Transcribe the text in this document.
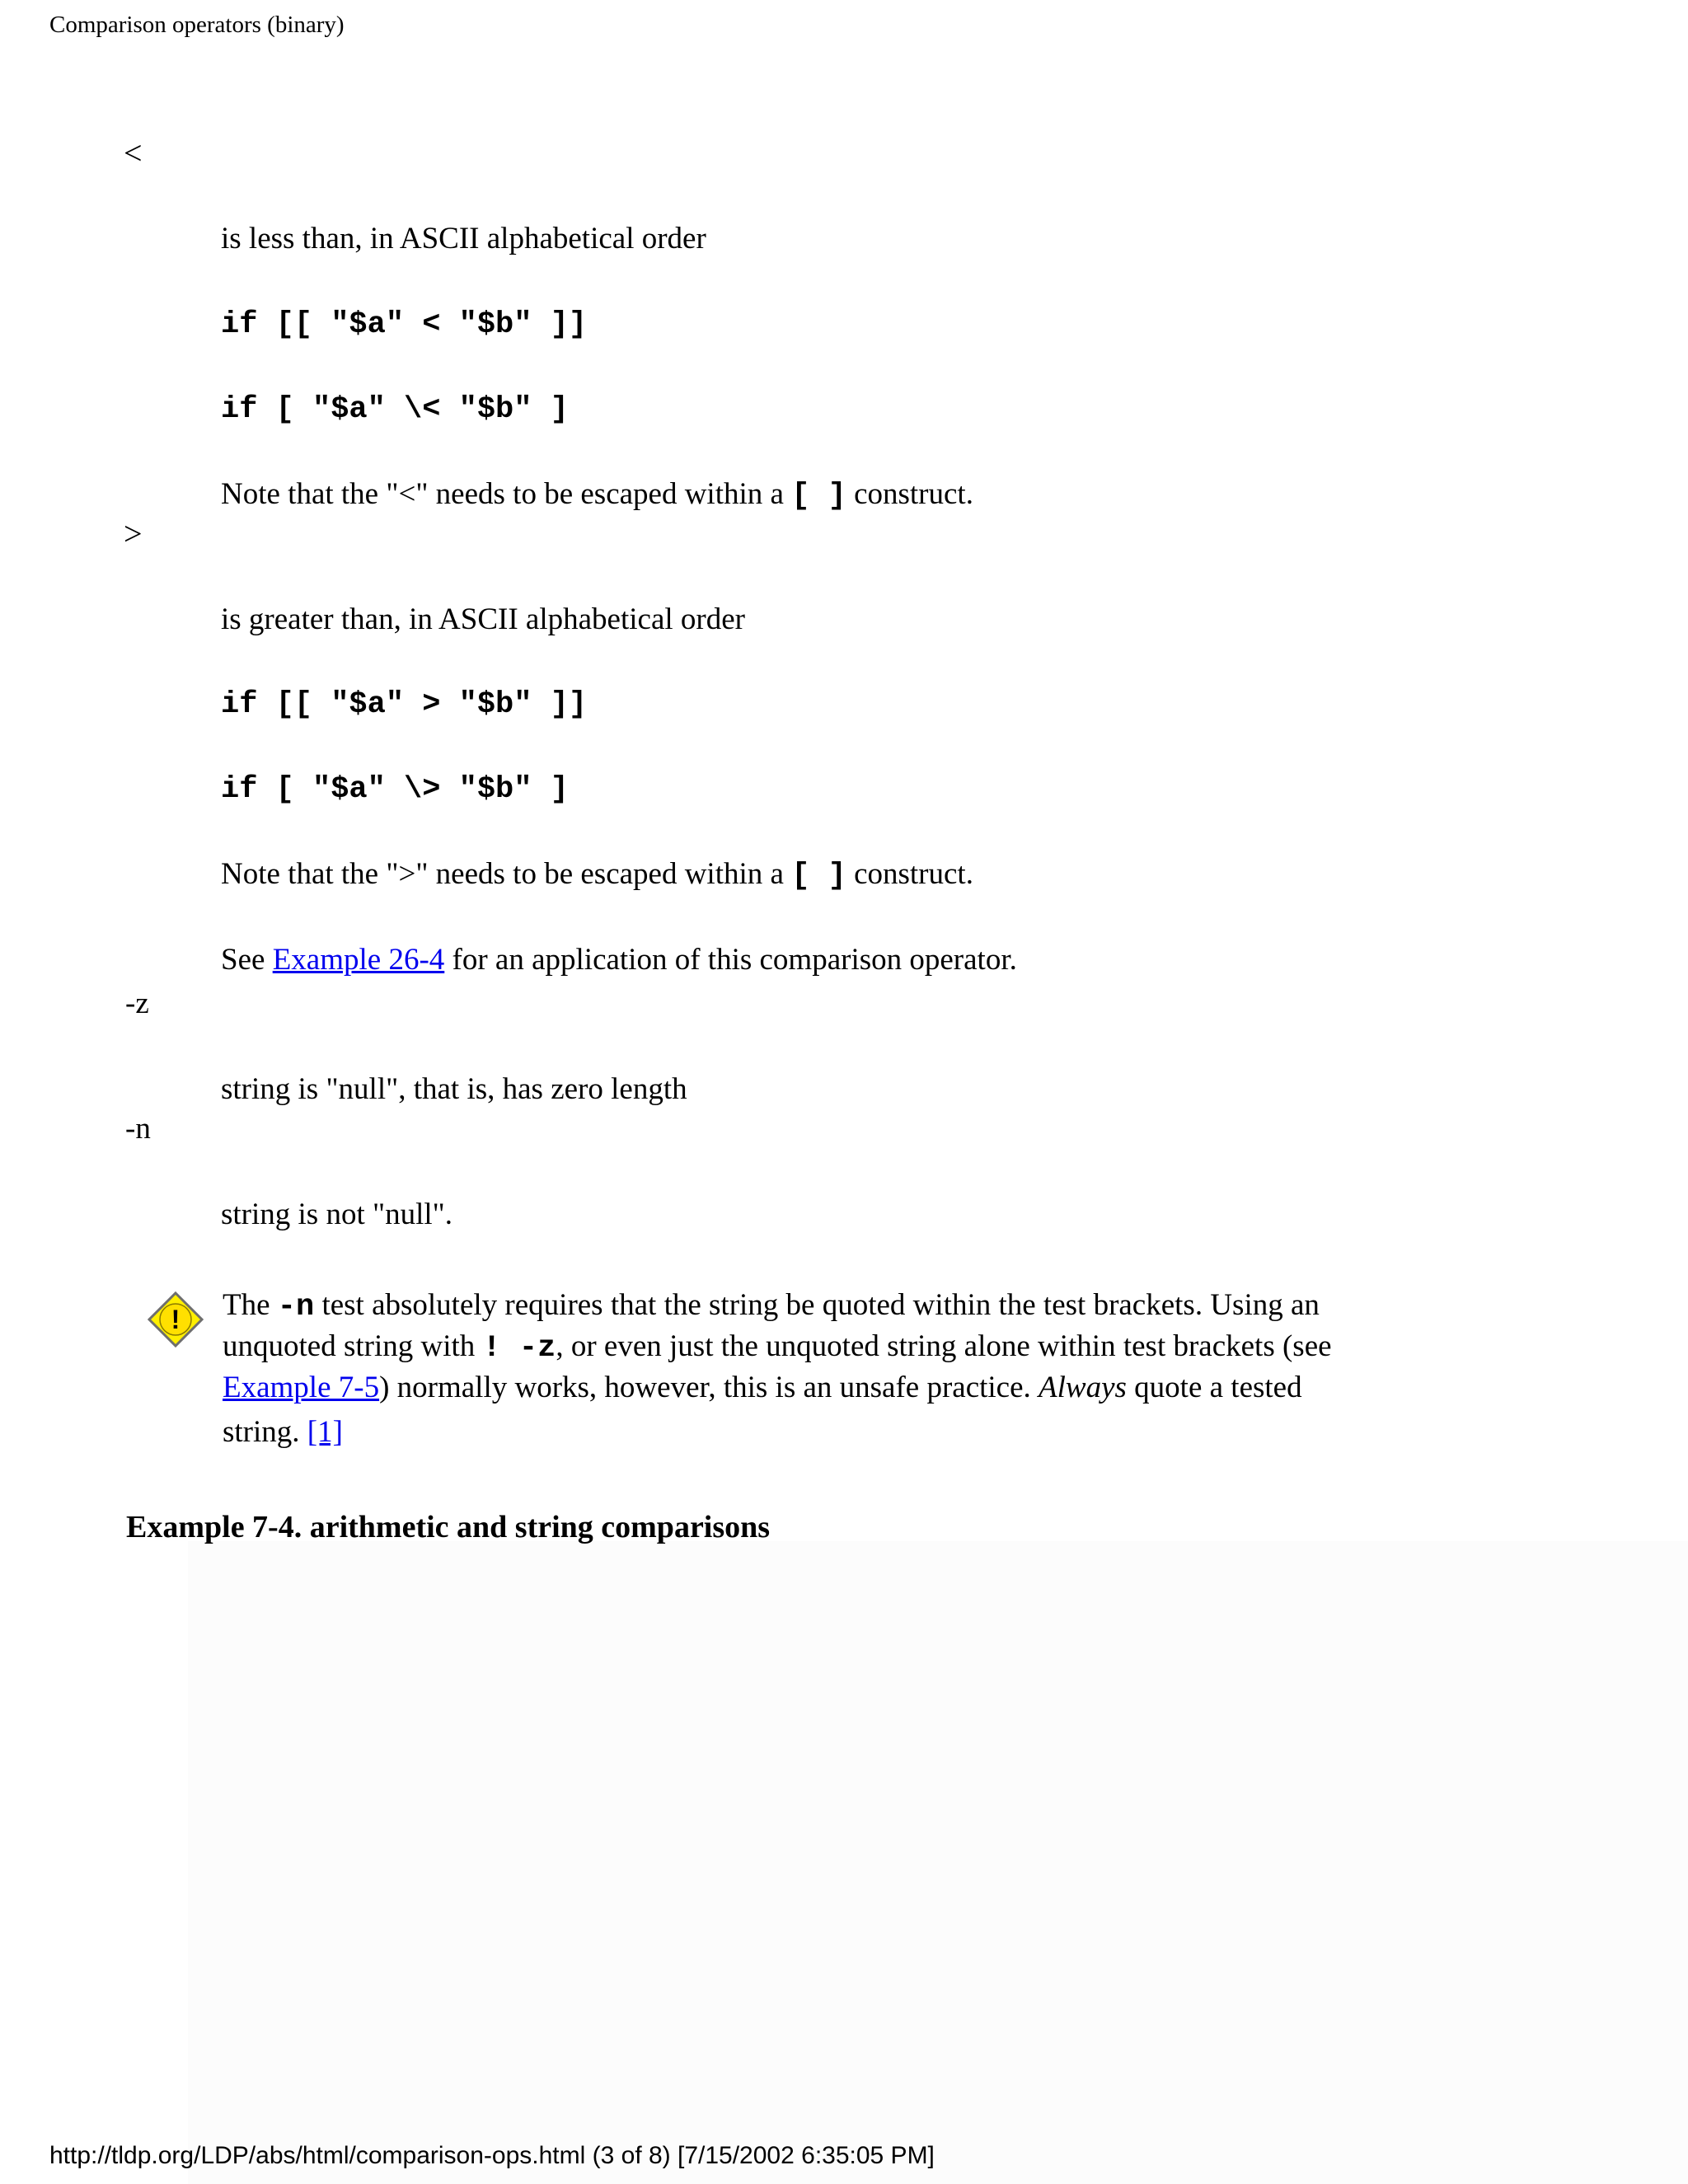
Comparison operators (binary)
<
is less than, in ASCII alphabetical order
if [[ "$a" < "$b" ]]
if [ "$a" \< "$b" ]
Note that the "<" needs to be escaped within a [ ] construct.
>
is greater than, in ASCII alphabetical order
if [[ "$a" > "$b" ]]
if [ "$a" \> "$b" ]
Note that the ">" needs to be escaped within a [ ] construct.
See Example 26-4 for an application of this comparison operator.
-z
string is "null", that is, has zero length
-n
string is not "null".
! The -n test absolutely requires that the string be quoted within the test brackets. Using an
unquoted string with ! -z, or even just the unquoted string alone within test brackets (see
Example 7-5) normally works, however, this is an unsafe practice. Always quote a tested
string. [1]
Example 7-4. arithmetic and string comparisons
http://tldp.org/LDP/abs/html/comparison-ops.html (3 of 8) [7/15/2002 6:35:05 PM]
